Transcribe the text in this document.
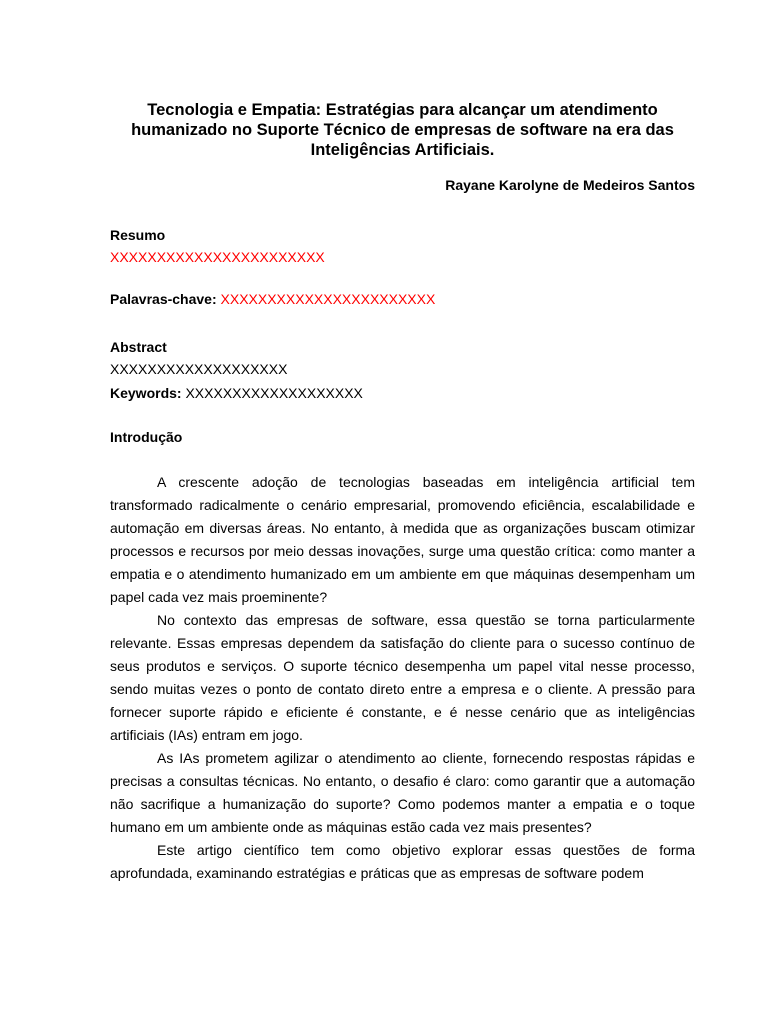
Tecnologia e Empatia: Estratégias para alcançar um atendimento humanizado no Suporte Técnico de empresas de software na era das Inteligências Artificiais.
Rayane Karolyne de Medeiros Santos
Resumo
XXXXXXXXXXXXXXXXXXXXXXX
Palavras-chave: XXXXXXXXXXXXXXXXXXXXXXX
Abstract
XXXXXXXXXXXXXXXXXXX
Keywords: XXXXXXXXXXXXXXXXXXX
Introdução

A crescente adoção de tecnologias baseadas em inteligência artificial tem transformado radicalmente o cenário empresarial, promovendo eficiência, escalabilidade e automação em diversas áreas. No entanto, à medida que as organizações buscam otimizar processos e recursos por meio dessas inovações, surge uma questão crítica: como manter a empatia e o atendimento humanizado em um ambiente em que máquinas desempenham um papel cada vez mais proeminente?

No contexto das empresas de software, essa questão se torna particularmente relevante. Essas empresas dependem da satisfação do cliente para o sucesso contínuo de seus produtos e serviços. O suporte técnico desempenha um papel vital nesse processo, sendo muitas vezes o ponto de contato direto entre a empresa e o cliente. A pressão para fornecer suporte rápido e eficiente é constante, e é nesse cenário que as inteligências artificiais (IAs) entram em jogo.

As IAs prometem agilizar o atendimento ao cliente, fornecendo respostas rápidas e precisas a consultas técnicas. No entanto, o desafio é claro: como garantir que a automação não sacrifique a humanização do suporte? Como podemos manter a empatia e o toque humano em um ambiente onde as máquinas estão cada vez mais presentes?

Este artigo científico tem como objetivo explorar essas questões de forma aprofundada, examinando estratégias e práticas que as empresas de software podem
